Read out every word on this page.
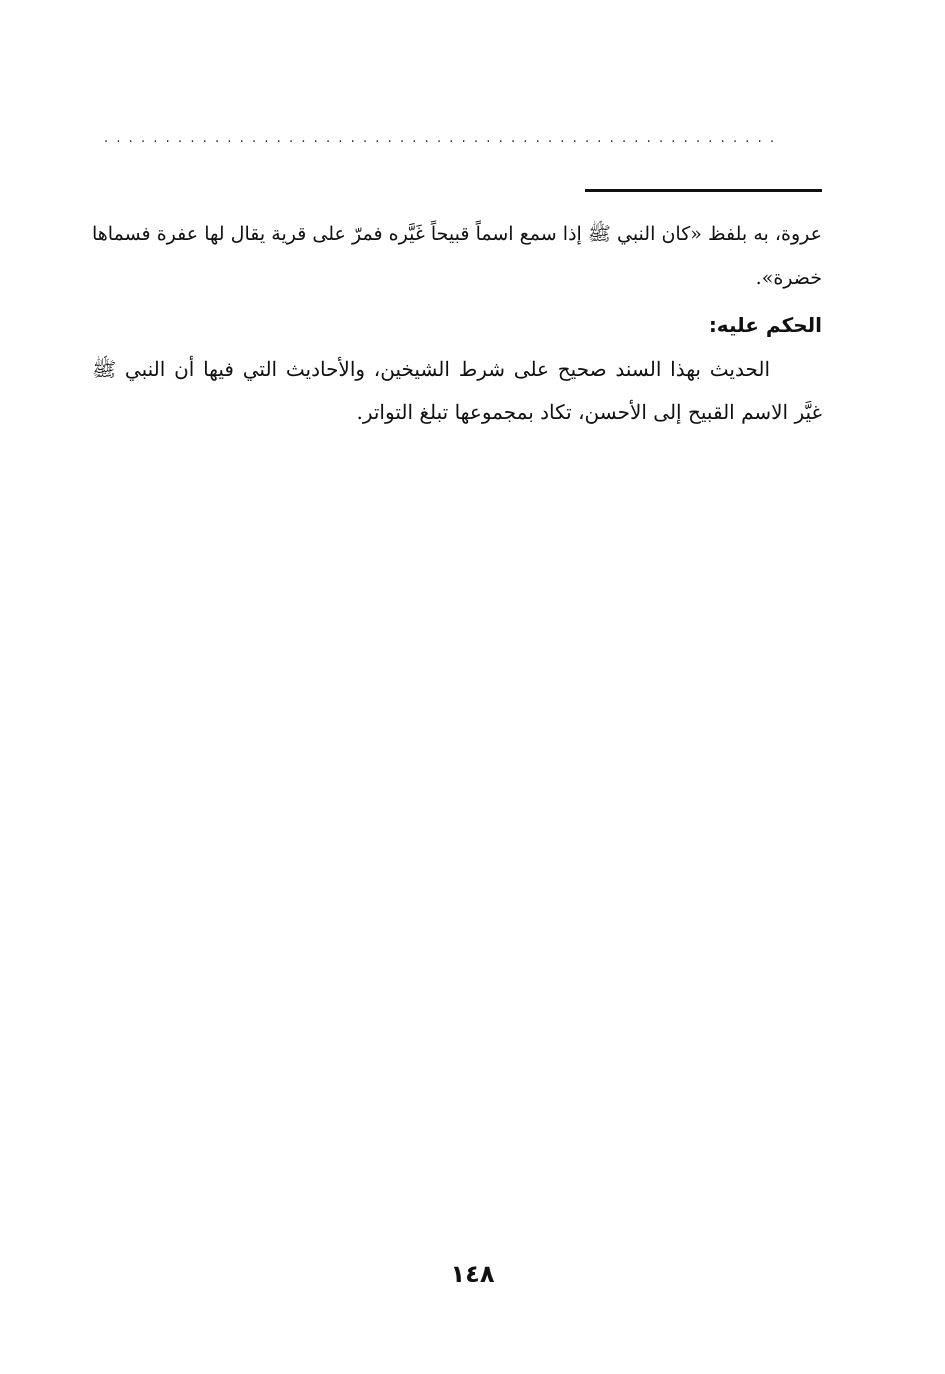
.......................................................
عروة، به بلفظ «كان النبي ﷺ إذا سمع اسماً قبيحاً غَيَّره فمرّ على قرية يقال لها عفرة فسماها خضرة».
الحكم عليه:
الحديث بهذا السند صحيح على شرط الشيخين، والأحاديث التي فيها أن النبي ﷺ غيَّر الاسم القبيح إلى الأحسن، تكاد بمجموعها تبلغ التواتر.
١٤٨
